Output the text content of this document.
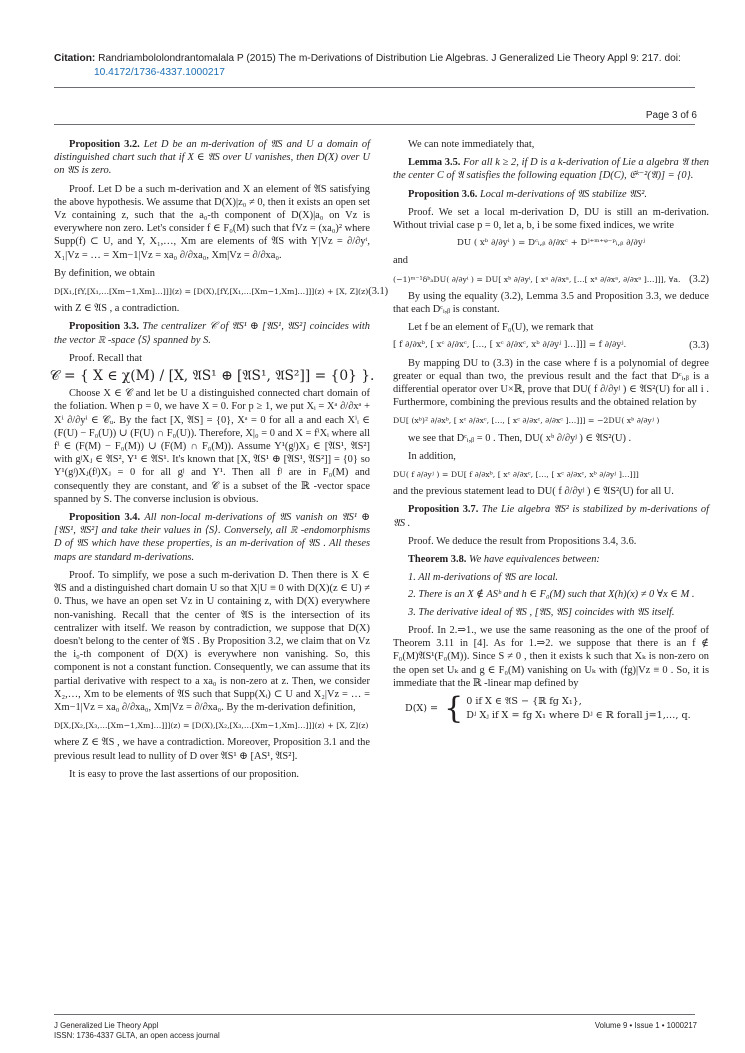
Citation: Randriambololondrantomalala P (2015) The m-Derivations of Distribution Lie Algebras. J Generalized Lie Theory Appl 9: 217. doi:
10.4172/1736-4337.1000217
Page 3 of 6

Proposition 3.2. Let D be an m-derivation of 𝔄S and U a domain of distinguished chart such that if X ∈ 𝔄S over U vanishes, then D(X) over U on 𝔄S is zero.

Proof. Let D be a such m-derivation and X an element of 𝔄S satisfying the above hypothesis. We assume that D(X)|z₀ ≠ 0, then it exists an open set Vz containing z, such that the a₀-th component of D(X)|a₀ on Vz is everywhere non zero. Let's consider f ∈ F₀(M) such that fVz = (xa₀)² where Supp(f) ⊂ U, and Y, X₁,…, Xm are elements of 𝔄S with Y|Vz = ∂/∂yᵗ, X₁|Vz = … = Xm−1|Vz = xa₀ ∂/∂xa₀, Xm|Vz = ∂/∂xa₀.

By definition, we obtain

D[X₁,[fY,[X₁,…[Xm−1,Xm]…]]](z) = [D(X),[fY,[X₁,…[Xm−1,Xm]…]]](z) + [X, Z](z) (3.1)

with Z ∈ 𝔄S , a contradiction.

Proposition 3.3. The centralizer 𝒞 of 𝔄S¹ ⊕ [𝔄S¹, 𝔄S²] coincides with the vector ℝ -space ⟨S⟩ spanned by S.

Proof. Recall that

𝒞 = { X ∈ χ(M) / [X, 𝔄S¹ ⊕ [𝔄S¹, 𝔄S²]] = {0} }.

Choose X ∈ 𝒞 and let be U a distinguished connected chart domain of the foliation. When p = 0, we have X = 0. For p ≥ 1, we put Xᵢ = Xᵃ ∂/∂xᵃ + Xⁱ ∂/∂yⁱ ∈ 𝒞ᵤ. By the fact [X, 𝔄S] = {0}, Xᵃ = 0 for all a and each Xⁱᵢ ∈ (F(U) − F₀(U)) ∪ (F(U) ∩ F₀(U)). Therefore, X|₀ = 0 and X = fⁱXᵢ where all fⁱ ∈ (F(M) − F₀(M)) ∪ (F(M) ∩ F₀(M)). Assume Y¹(gʲ)Xⱼ ∈ [𝔄S¹, 𝔄S²] with gʲXⱼ ∈ 𝔄S², Y¹ ∈ 𝔄S¹. It's known that [X, 𝔄S¹ ⊕ [𝔄S¹, 𝔄S²]] = {0} so Y¹(gʲ)Xⱼ(fʲ)Xⱼ = 0 for all gʲ and Y¹. Then all fʲ are in F₀(M) and consequently they are constant, and 𝒞 is a subset of the ℝ -vector space spanned by S. The converse inclusion is obvious.

Proposition 3.4. All non-local m-derivations of 𝔄S vanish on 𝔄S¹ ⊕ [𝔄S¹, 𝔄S²] and take their values in ⟨S⟩. Conversely, all ℝ -endomorphisms D of 𝔄S which have these properties, is an m-derivation of 𝔄S . All theses maps are standard m-derivations.

Proof. To simplify, we pose a such m-derivation D. Then there is X ∈ 𝔄S and a distinguished chart domain U so that X|U ≡ 0 with D(X)(z ∈ U) ≠ 0. Thus, we have an open set Vz in U containing z, with D(X) everywhere non-vanishing. Recall that the center of 𝔄S is the intersection of its centralizer with itself. We reason by contradiction, we suppose that D(X) doesn't belong to the center of 𝔄S . By Proposition 3.2, we claim that on Vz the i₀-th component of D(X) is everywhere non vanishing. So, this component is not a constant function. Consequently, we can assume that its partial derivative with respect to a xa₀ is non-zero at z. Then, we consider X₂,…, Xm to be elements of 𝔄S such that Supp(Xᵢ) ⊂ U and X₂|Vz = … = Xm−1|Vz = xa₀ ∂/∂xa₀, Xm|Vz = ∂/∂xa₀. By the m-derivation definition,

D[X,[X₂,[X₃,…[Xm−1,Xm]…]]](z) = [D(X),[X₂,[X₃,…[Xm−1,Xm]…]]](z) + [X, Z](z)

where Z ∈ 𝔄S , we have a contradiction. Moreover, Proposition 3.1 and the previous result lead to nullity of D over 𝔄S¹ ⊕ [AS¹, 𝔄S²].

It is easy to prove the last assertions of our proposition.

We can note immediately that,

Lemma 3.5. For all k ≥ 2, if D is a k-derivation of Lie a algebra 𝔄 then the center C of 𝔄 satisfies the following equation [D(C), 𝔈ᵏ⁻²(𝔄)] = {0}.

Proposition 3.6. Local m-derivations of 𝔄S stabilize 𝔄S².

Proof. We set a local m-derivation D, DU is still an m-derivation. Without trivial case p = 0, let a, b, i be some fixed indices, we write

DU ( xᵇ ∂/∂yⁱ ) = Dᶜᵢ,ᵦ ∂/∂xᶜ + Dʲ⁺ᵐ⁺ᵠ⁻ᵖᵢ,ᵦ ∂/∂yʲ

and

(−1)ᵐ⁻¹δᵇₐDU( ∂/∂yⁱ ) = DU[ xᵇ ∂/∂yⁱ, [ xᵃ ∂/∂xᵃ, […[ xᵃ ∂/∂xᵃ, ∂/∂xᵃ ]…]]], ∀a. (3.2)

By using the equality (3.2), Lemma 3.5 and Proposition 3.3, we deduce that each Dᶜᵢ,ᵦ is constant.

Let f be an element of F₀(U), we remark that

[ f ∂/∂xᵇ, [ xᶜ ∂/∂xᶜ, […, [ xᶜ ∂/∂xᶜ, xᵇ ∂/∂yʲ ]…]]] = f ∂/∂yʲ.	(3.3)

By mapping DU to (3.3) in the case where f is a polynomial of degree greater or equal than two, the previous result and the fact that Dᶜᵢ,ᵦ is a differential operator over U×ℝ, prove that DU( f ∂/∂yʲ ) ∈ 𝔄S²(U) for all i . Furthermore, combining the previous results and the obtained relation by

DU[ (xᵇ)² ∂/∂xᵇ, [ xᶜ ∂/∂xᶜ, […, [ xᶜ ∂/∂xᶜ, ∂/∂xᶜ ]…]]] = −2DU( xᵇ ∂/∂yʲ )

we see that Dᶜᵢ,ᵦ = 0 . Then, DU( xᵇ ∂/∂yʲ ) ∈ 𝔄S²(U) .

In addition,

DU( f ∂/∂yʲ ) = DU[ f ∂/∂xᵇ, [ xᶜ ∂/∂xᶜ, […, [ xᶜ ∂/∂xᶜ, xᵇ ∂/∂yʲ ]…]]]

and the previous statement lead to DU( f ∂/∂yʲ ) ∈ 𝔄S²(U) for all U.

Proposition 3.7. The Lie algebra 𝔄S² is stabilized by m-derivations of 𝔄S .

Proof. We deduce the result from Propositions 3.4, 3.6.

Theorem 3.8. We have equivalences between:

1. All m-derivations of 𝔄S are local.
2. There is an X ∉ ASᵇ and h ∈ F₀(M) such that X(h)(x) ≠ 0 ∀x ∈ M .
3. The derivative ideal of 𝔄S , [𝔄S, 𝔄S] coincides with 𝔄S itself.

Proof. In 2.⇒1., we use the same reasoning as the one of the proof of Theorem 3.11 in [4]. As for 1.⇒2. we suppose that there is an f ∉ F₀(M)𝔄S¹(F₀(M)). Since S ≠ 0 , then it exists k such that Xₖ is non-zero on the open set Uₖ and g ∈ F₀(M) vanishing on Uₖ with (fg)|Vz ≡ 0 . So, it is immediate that the ℝ -linear map defined by

D(X) = { 0 if X ∈ 𝔄S − {ℝ fg X₁},
Dʲ Xⱼ if X = fg X₁ where Dʲ ∈ ℝ forall j=1,…, q.
J Generalized Lie Theory Appl
ISSN: 1736-4337 GLTA, an open access journal
Volume 9 • Issue 1 • 1000217
